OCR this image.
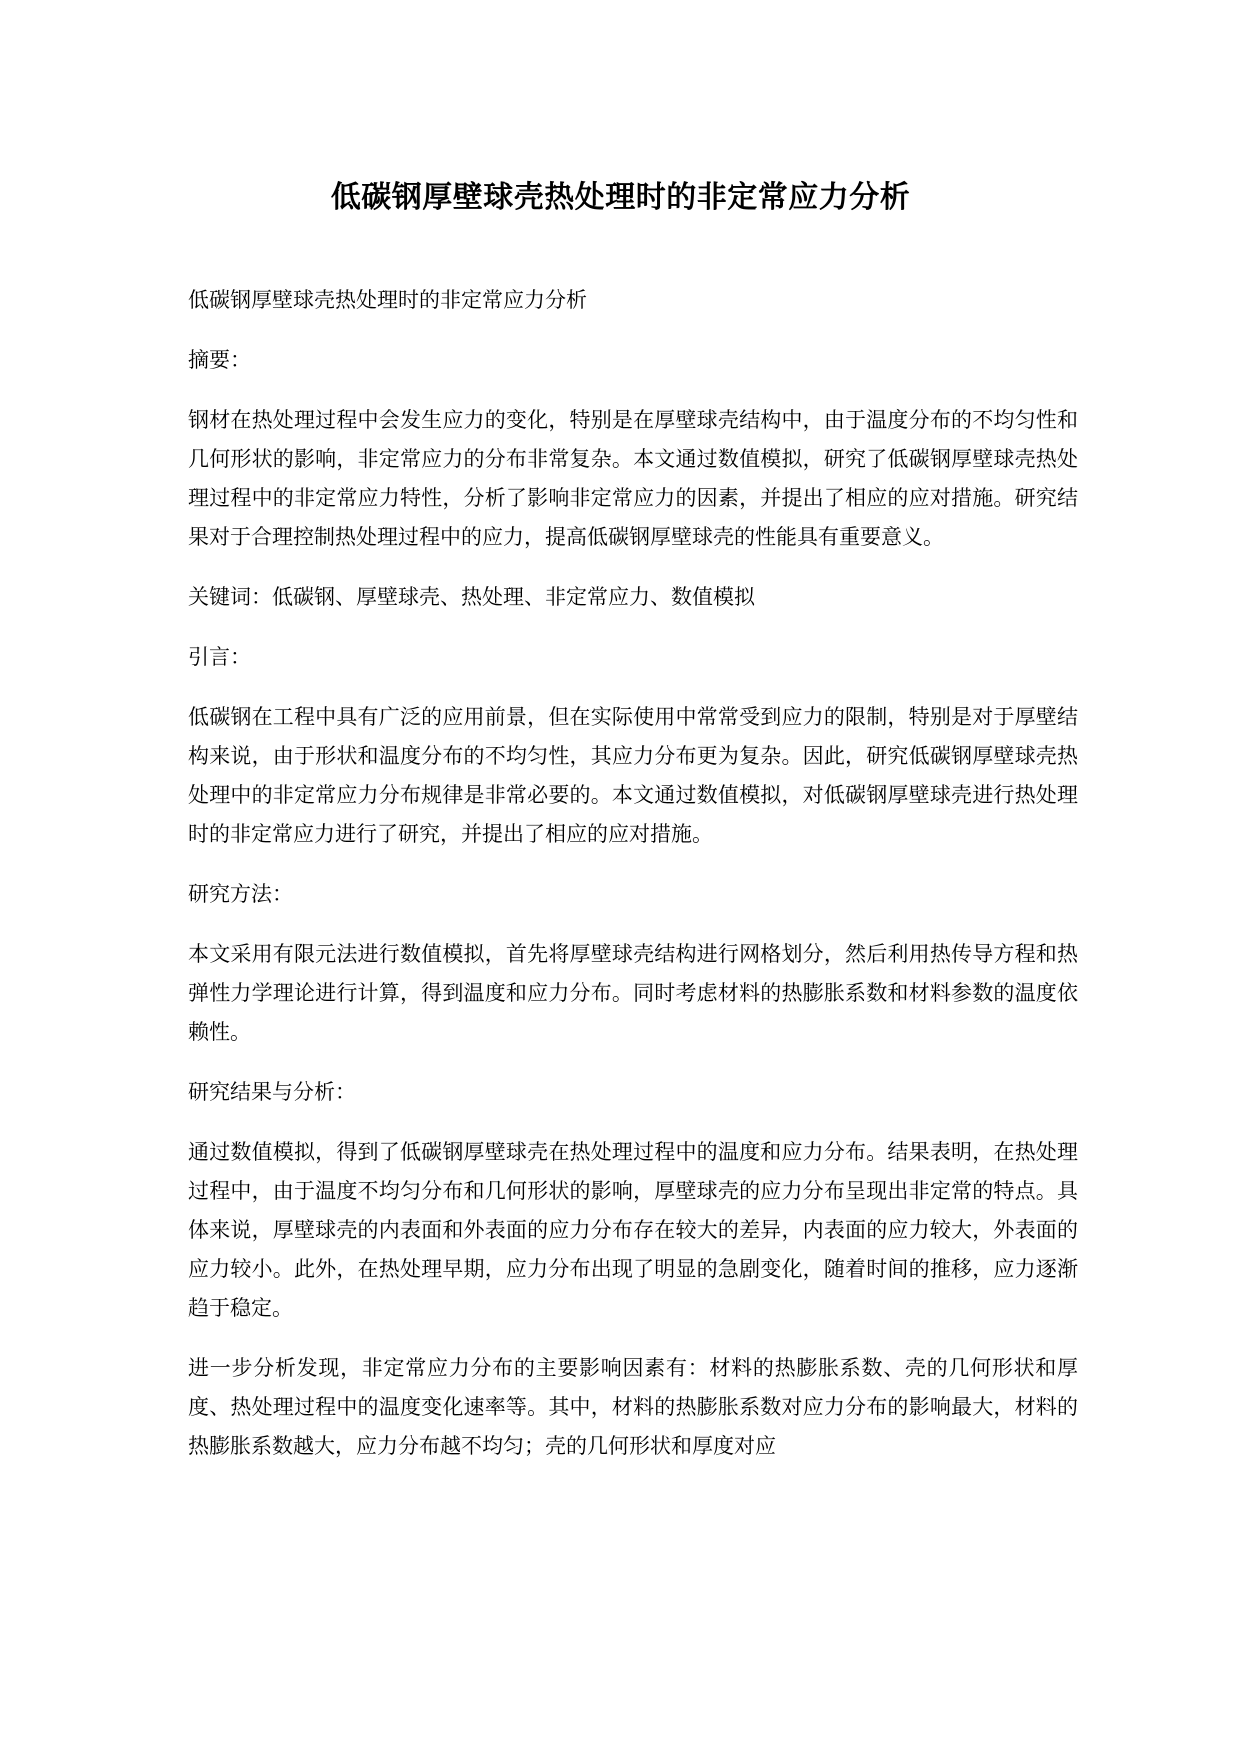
低碳钢厚壁球壳热处理时的非定常应力分析

低碳钢厚壁球壳热处理时的非定常应力分析

摘要：

钢材在热处理过程中会发生应力的变化，特别是在厚壁球壳结构中，由于温度分布的不均匀性和几何形状的影响，非定常应力的分布非常复杂。本文通过数值模拟，研究了低碳钢厚壁球壳热处理过程中的非定常应力特性，分析了影响非定常应力的因素，并提出了相应的应对措施。研究结果对于合理控制热处理过程中的应力，提高低碳钢厚壁球壳的性能具有重要意义。

关键词：低碳钢、厚壁球壳、热处理、非定常应力、数值模拟

引言：

低碳钢在工程中具有广泛的应用前景，但在实际使用中常常受到应力的限制，特别是对于厚壁结构来说，由于形状和温度分布的不均匀性，其应力分布更为复杂。因此，研究低碳钢厚壁球壳热处理中的非定常应力分布规律是非常必要的。本文通过数值模拟，对低碳钢厚壁球壳进行热处理时的非定常应力进行了研究，并提出了相应的应对措施。

研究方法：

本文采用有限元法进行数值模拟，首先将厚壁球壳结构进行网格划分，然后利用热传导方程和热弹性力学理论进行计算，得到温度和应力分布。同时考虑材料的热膨胀系数和材料参数的温度依赖性。

研究结果与分析：

通过数值模拟，得到了低碳钢厚壁球壳在热处理过程中的温度和应力分布。结果表明，在热处理过程中，由于温度不均匀分布和几何形状的影响，厚壁球壳的应力分布呈现出非定常的特点。具体来说，厚壁球壳的内表面和外表面的应力分布存在较大的差异，内表面的应力较大，外表面的应力较小。此外，在热处理早期，应力分布出现了明显的急剧变化，随着时间的推移，应力逐渐趋于稳定。

进一步分析发现，非定常应力分布的主要影响因素有：材料的热膨胀系数、壳的几何形状和厚度、热处理过程中的温度变化速率等。其中，材料的热膨胀系数对应力分布的影响最大，材料的热膨胀系数越大，应力分布越不均匀；壳的几何形状和厚度对应
